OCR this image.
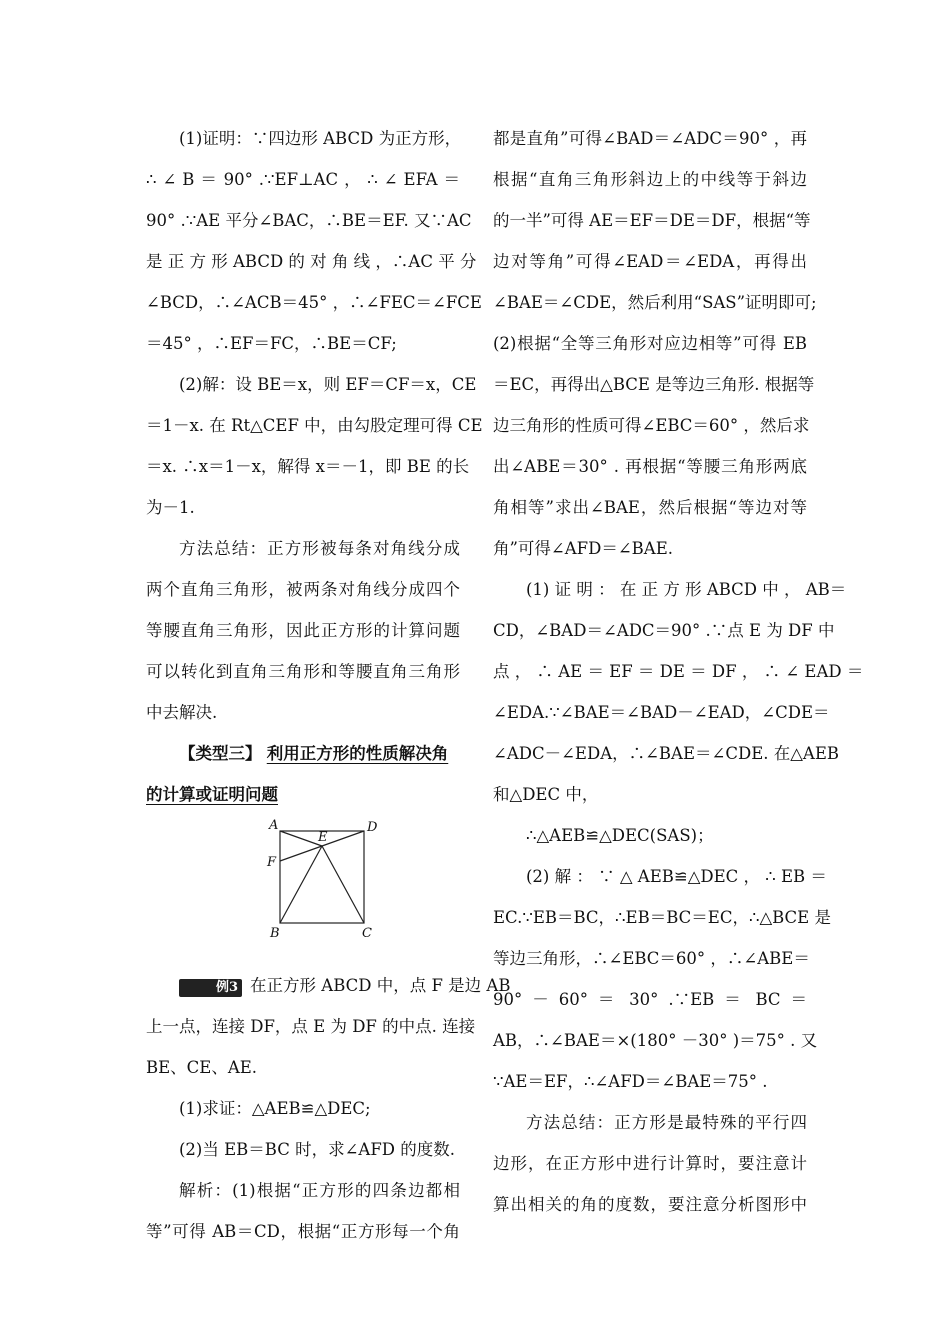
(1)证明：∵四边形 ABCD 为正方形，
∴ ∠ B ＝ 90° .∵EF⊥AC ， ∴ ∠ EFA ＝
90° .∵AE 平分∠BAC，∴BE＝EF. 又∵AC
是 正 方 形 ABCD 的 对 角 线 ，∴AC 平 分
∠BCD，∴∠ACB＝45° ，∴∠FEC＝∠FCE
＝45° ，∴EF＝FC，∴BE＝CF;
(2)解：设 BE＝x，则 EF＝CF＝x，CE
＝1－x. 在 Rt△CEF 中，由勾股定理可得 CE
＝x. ∴x＝1－x，解得 x＝－1，即 BE 的长
为－1.
方法总结：正方形被每条对角线分成
两个直角三角形，被两条对角线分成四个
等腰直角三角形，因此正方形的计算问题
可以转化到直角三角形和等腰直角三角形
中去解决.
【类型三】 利用正方形的性质解决角
的计算或证明问题
A	D
E
F
B	C
例3 在正方形 ABCD 中，点 F 是边 AB
上一点，连接 DF，点 E 为 DF 的中点. 连接
BE、CE、AE.
(1)求证：△AEB≌△DEC;
(2)当 EB＝BC 时，求∠AFD 的度数.
解析：(1)根据“正方形的四条边都相
等”可得 AB＝CD，根据“正方形每一个角
都是直角”可得∠BAD＝∠ADC＝90° ，再
根据“直角三角形斜边上的中线等于斜边
的一半”可得 AE＝EF＝DE＝DF，根据“等
边对等角”可得∠EAD＝∠EDA，再得出
∠BAE＝∠CDE，然后利用“SAS”证明即可;
(2)根据“全等三角形对应边相等”可得 EB
＝EC，再得出△BCE 是等边三角形. 根据等
边三角形的性质可得∠EBC＝60° ，然后求
出∠ABE＝30° . 再根据“等腰三角形两底
角相等”求出∠BAE，然后根据“等边对等
角”可得∠AFD＝∠BAE.
(1) 证 明 ： 在 正 方 形 ABCD 中 ， AB＝
CD，∠BAD＝∠ADC＝90° .∵点 E 为 DF 中
点 ， ∴ AE ＝ EF ＝ DE ＝ DF ， ∴ ∠ EAD ＝
∠EDA.∵∠BAE＝∠BAD－∠EAD，∠CDE＝
∠ADC－∠EDA，∴∠BAE＝∠CDE. 在△AEB
和△DEC 中，
∴△AEB≌△DEC(SAS)；
(2) 解 ： ∵ △ AEB≌△DEC ， ∴ EB ＝
EC.∵EB＝BC，∴EB＝BC＝EC，∴△BCE 是
等边三角形，∴∠EBC＝60° ，∴∠ABE＝
90° － 60° ＝ 30° .∵EB ＝ BC ＝
AB，∴∠BAE＝×(180° －30° )＝75° . 又
∵AE＝EF，∴∠AFD＝∠BAE＝75° .
方法总结：正方形是最特殊的平行四
边形，在正方形中进行计算时，要注意计
算出相关的角的度数，要注意分析图形中
